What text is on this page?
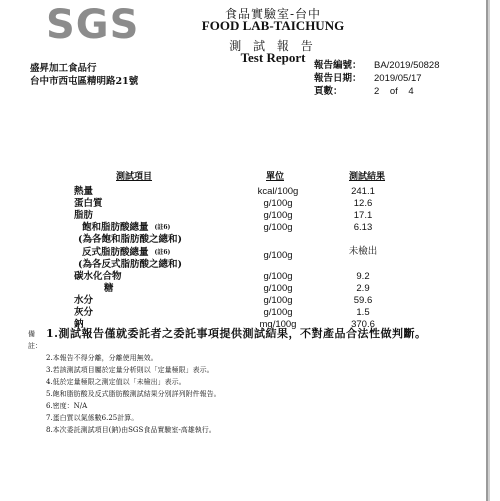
SGS	食品實驗室-台中
FOOD LAB-TAICHUNG
測 試 報 告
Test Report
盛昇加工食品行
台中市西屯區精明路21號
報告編號：	BA/2019/50828
報告日期：	2019/05/17
頁數：	2    of    4
測試項目	單位	測試結果
熱量	kcal/100g	241.1
蛋白質	g/100g	12.6
脂肪	g/100g	17.1
飽和脂肪酸總量 $^{(註6)}$	g/100g	6.13
(為各飽和脂肪酸之總和)
反式脂肪酸總量 $^{(註6)}$	g/100g	未檢出
(為各反式脂肪酸之總和)
碳水化合物	g/100g	9.2
糖	g/100g	2.9
水分	g/100g	59.6
灰分	g/100g	1.5
鈉	mg/100g	370.6
備註：
1.測試報告僅就委託者之委託事項提供測試結果，不對產品合法性做判斷。
2.本報告不得分離，分離使用無效。
3.若該測試項目屬於定量分析則以「定量極限」表示。
4.低於定量極限之測定值以「未檢出」表示。
5.飽和脂肪酸及反式脂肪酸測試結果分別詳列附件報告。
6.密度：N/A
7.蛋白質以氮係數6.25計算。
8.本次委託測試項目(鈉)由SGS食品實驗室-高雄執行。
